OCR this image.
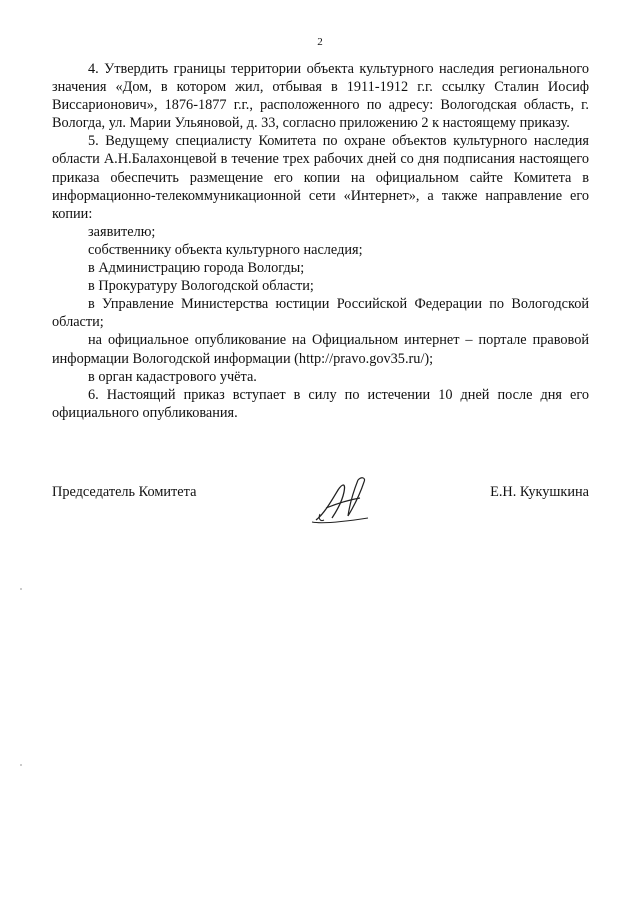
2

4. Утвердить границы территории объекта культурного наследия регионального значения «Дом, в котором жил, отбывая в 1911-1912 г.г. ссылку Сталин Иосиф Виссарионович», 1876-1877 г.г., расположенного по адресу: Вологодская область, г. Вологда, ул. Марии Ульяновой, д. 33, согласно приложению 2 к настоящему приказу.

5. Ведущему специалисту Комитета по охране объектов культурного наследия области А.Н.Балахонцевой в течение трех рабочих дней со дня подписания настоящего приказа обеспечить размещение его копии на официальном сайте Комитета в информационно-телекоммуникационной сети «Интернет», а также направление его копии:

заявителю;

собственнику объекта культурного наследия;

в Администрацию города Вологды;

в Прокуратуру Вологодской области;

в Управление Министерства юстиции Российской Федерации по Вологодской области;

на официальное опубликование на Официальном интернет – портале правовой информации Вологодской информации (http://pravo.gov35.ru/);

в орган кадастрового учёта.

6. Настоящий приказ вступает в силу по истечении 10 дней после дня его официального опубликования.

Председатель Комитета	Е.Н. Кукушкина
